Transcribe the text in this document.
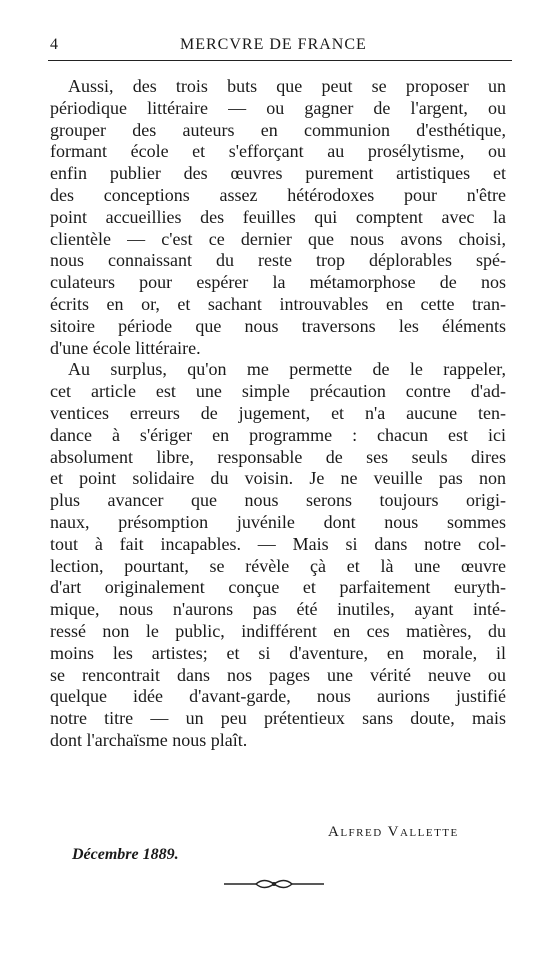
4	MERCVRE DE FRANCE

Aussi, des trois buts que peut se proposer un
périodique littéraire — ou gagner de l'argent, ou
grouper des auteurs en communion d'esthétique,
formant école et s'efforçant au prosélytisme, ou
enfin publier des œuvres purement artistiques et
des conceptions assez hétérodoxes pour n'être
point accueillies des feuilles qui comptent avec la
clientèle — c'est ce dernier que nous avons choisi,
nous connaissant du reste trop déplorables spé-
culateurs pour espérer la métamorphose de nos
écrits en or, et sachant introuvables en cette tran-
sitoire période que nous traversons les éléments
d'une école littéraire.

Au surplus, qu'on me permette de le rappeler,
cet article est une simple précaution contre d'ad-
ventices erreurs de jugement, et n'a aucune ten-
dance à s'ériger en programme : chacun est ici
absolument libre, responsable de ses seuls dires
et point solidaire du voisin. Je ne veuille pas non
plus avancer que nous serons toujours origi-
naux, présomption juvénile dont nous sommes
tout à fait incapables. — Mais si dans notre col-
lection, pourtant, se révèle çà et là une œuvre
d'art originalement conçue et parfaitement euryth-
mique, nous n'aurons pas été inutiles, ayant inté-
ressé non le public, indifférent en ces matières, du
moins les artistes; et si d'aventure, en morale, il
se rencontrait dans nos pages une vérité neuve ou
quelque idée d'avant-garde, nous aurions justifié
notre titre — un peu prétentieux sans doute, mais
dont l'archaïsme nous plaît.

Alfred Vallette
Décembre 1889.
